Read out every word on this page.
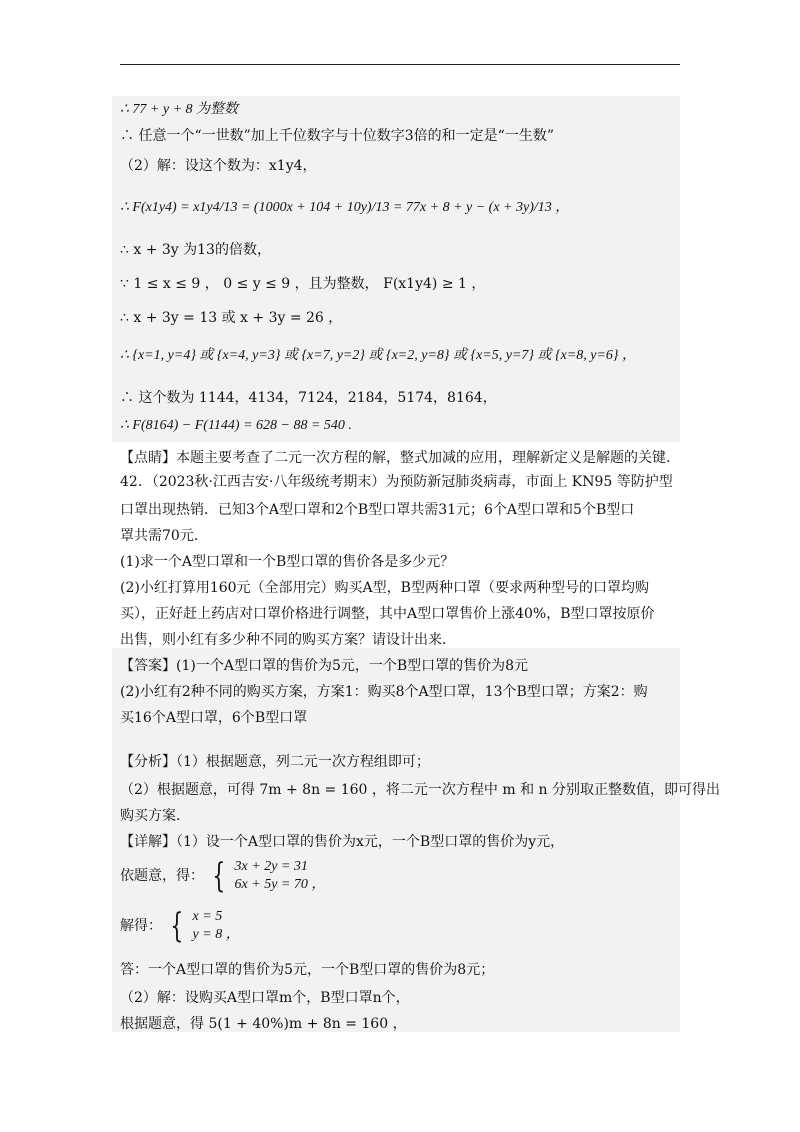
∴ 77 + y + 8 为整数
∴ 任意一个“一世数”加上千位数字与十位数字3倍的和一定是“一生数”
（2）解：设这个数为：x1y4，
∴ F(x1y4) = x1y4/13 = (1000x + 104 + 10y)/13 = 77x + 8 + y − (x + 3y)/13 ，
∴ x + 3y 为13的倍数，
∵ 1 ≤ x ≤ 9 ， 0 ≤ y ≤ 9 ，且为整数， F(x1y4) ≥ 1 ，
∴ x + 3y = 13 或 x + 3y = 26 ，
∴ {x=1, y=4} 或 {x=4, y=3} 或 {x=7, y=2} 或 {x=2, y=8} 或 {x=5, y=7} 或 {x=8, y=6} ，
∴ 这个数为 1144，4134，7124，2184，5174，8164，
∴ F(8164) − F(1144) = 628 − 88 = 540 .
【点睛】本题主要考查了二元一次方程的解，整式加减的应用，理解新定义是解题的关键.
42．（2023秋·江西吉安·八年级统考期末）为预防新冠肺炎病毒，市面上 KN95 等防护型
口罩出现热销．已知3个A型口罩和2个B型口罩共需31元；6个A型口罩和5个B型口
罩共需70元．
(1)求一个A型口罩和一个B型口罩的售价各是多少元？
(2)小红打算用160元（全部用完）购买A型，B型两种口罩（要求两种型号的口罩均购
买），正好赶上药店对口罩价格进行调整，其中A型口罩售价上涨40%，B型口罩按原价
出售，则小红有多少种不同的购买方案？请设计出来．
【答案】(1)一个A型口罩的售价为5元，一个B型口罩的售价为8元
(2)小红有2种不同的购买方案，方案1：购买8个A型口罩，13个B型口罩；方案2：购
买16个A型口罩，6个B型口罩
【分析】（1）根据题意，列二元一次方程组即可；
（2）根据题意，可得 7m + 8n = 160 ，将二元一次方程中 m 和 n 分别取正整数值，即可得出
购买方案．
【详解】（1）设一个A型口罩的售价为x元，一个B型口罩的售价为y元，
依题意，得： { 3x + 2y = 31
6x + 5y = 70 ，
解得： { x = 5
y = 8 ，
答：一个A型口罩的售价为5元，一个B型口罩的售价为8元；
（2）解：设购买A型口罩m个，B型口罩n个，
根据题意，得 5(1 + 40%)m + 8n = 160 ，
